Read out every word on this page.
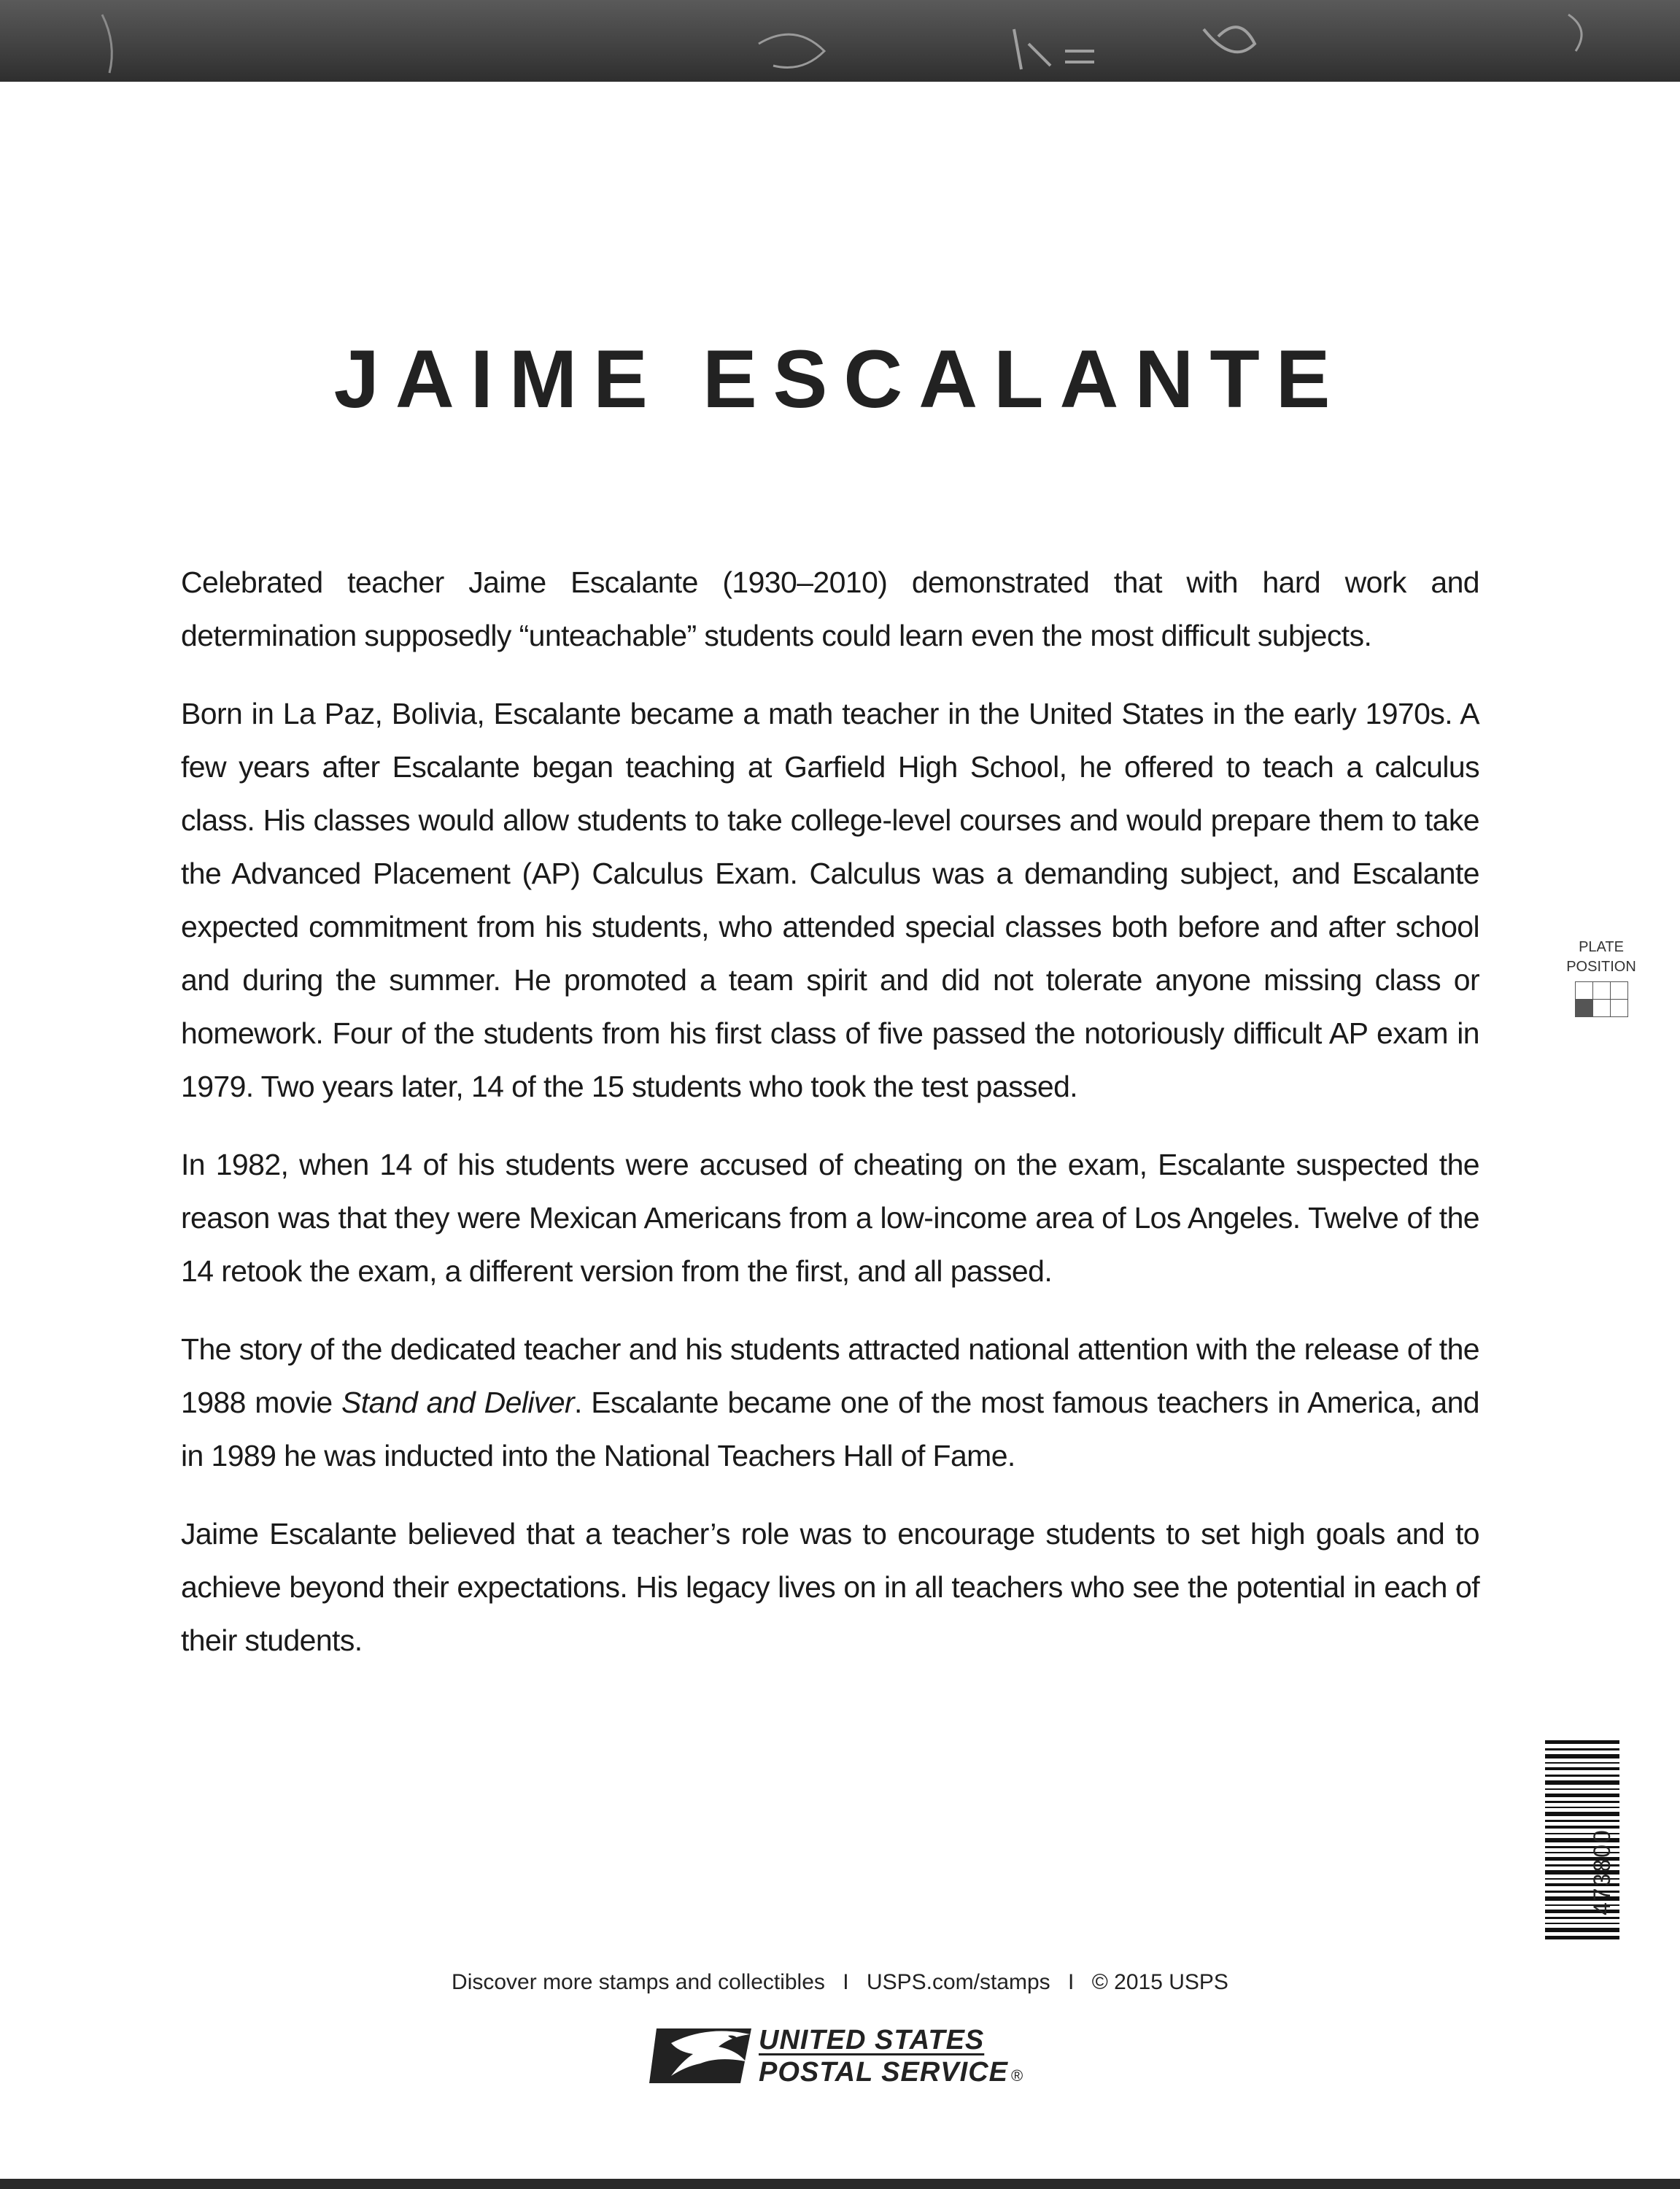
JAIME ESCALANTE

Celebrated teacher Jaime Escalante (1930–2010) demonstrated that with hard work and determination supposedly “unteachable” students could learn even the most difficult subjects.

Born in La Paz, Bolivia, Escalante became a math teacher in the United States in the early 1970s. A few years after Escalante began teaching at Garfield High School, he offered to teach a calculus class. His classes would allow students to take college-level courses and would prepare them to take the Advanced Placement (AP) Calculus Exam. Calculus was a demanding subject, and Escalante expected commitment from his students, who attended special classes both before and after school and during the summer. He promoted a team spirit and did not tolerate anyone missing class or homework. Four of the students from his first class of five passed the notoriously difficult AP exam in 1979. Two years later, 14 of the 15 students who took the test passed.

In 1982, when 14 of his students were accused of cheating on the exam, Escalante suspected the reason was that they were Mexican Americans from a low-income area of Los Angeles. Twelve of the 14 retook the exam, a different version from the first, and all passed.

The story of the dedicated teacher and his students attracted national attention with the release of the 1988 movie Stand and Deliver. Escalante became one of the most famous teachers in America, and in 1989 he was inducted into the National Teachers Hall of Fame.

Jaime Escalante believed that a teacher’s role was to encourage students to set high goals and to achieve beyond their expectations. His legacy lives on in all teachers who see the potential in each of their students.

PLATE
POSITION
473800
Discover more stamps and collectibles I USPS.com/stamps I © 2015 USPS
UNITED STATES
POSTAL SERVICE ®
